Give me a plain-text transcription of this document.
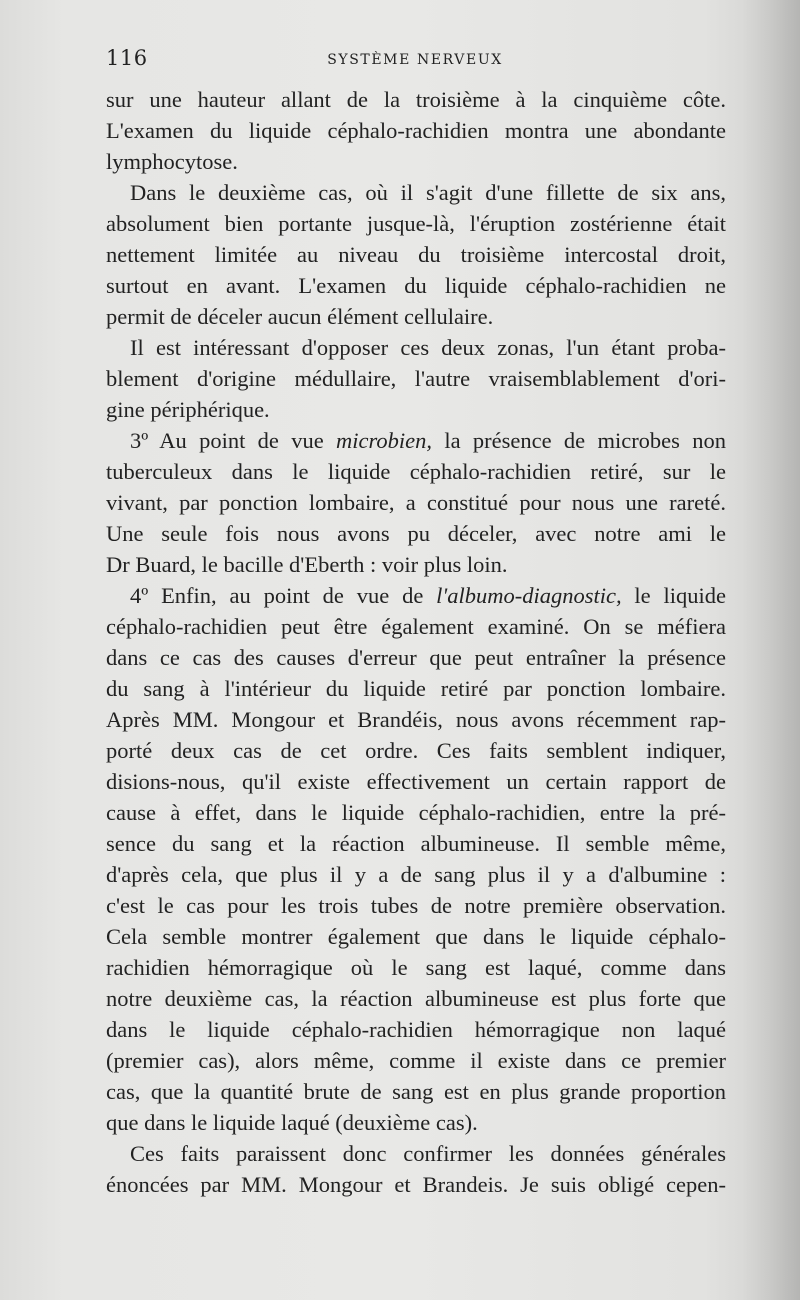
116	SYSTÈME NERVEUX
sur une hauteur allant de la troisième à la cinquième côte.
L'examen du liquide céphalo-rachidien montra une abondante
lymphocytose.
Dans le deuxième cas, où il s'agit d'une fillette de six ans,
absolument bien portante jusque-là, l'éruption zostérienne était
nettement limitée au niveau du troisième intercostal droit,
surtout en avant. L'examen du liquide céphalo-rachidien ne
permit de déceler aucun élément cellulaire.
Il est intéressant d'opposer ces deux zonas, l'un étant proba-
blement d'origine médullaire, l'autre vraisemblablement d'ori-
gine périphérique.
3º Au point de vue microbien, la présence de microbes non
tuberculeux dans le liquide céphalo-rachidien retiré, sur le
vivant, par ponction lombaire, a constitué pour nous une rareté.
Une seule fois nous avons pu déceler, avec notre ami le
Dr Buard, le bacille d'Eberth : voir plus loin.
4º Enfin, au point de vue de l'albumo-diagnostic, le liquide
céphalo-rachidien peut être également examiné. On se méfiera
dans ce cas des causes d'erreur que peut entraîner la présence
du sang à l'intérieur du liquide retiré par ponction lombaire.
Après MM. Mongour et Brandéis, nous avons récemment rap-
porté deux cas de cet ordre. Ces faits semblent indiquer,
disions-nous, qu'il existe effectivement un certain rapport de
cause à effet, dans le liquide céphalo-rachidien, entre la pré-
sence du sang et la réaction albumineuse. Il semble même,
d'après cela, que plus il y a de sang plus il y a d'albumine :
c'est le cas pour les trois tubes de notre première observation.
Cela semble montrer également que dans le liquide céphalo-
rachidien hémorragique où le sang est laqué, comme dans
notre deuxième cas, la réaction albumineuse est plus forte que
dans le liquide céphalo-rachidien hémorragique non laqué
(premier cas), alors même, comme il existe dans ce premier
cas, que la quantité brute de sang est en plus grande proportion
que dans le liquide laqué (deuxième cas).
Ces faits paraissent donc confirmer les données générales
énoncées par MM. Mongour et Brandeis. Je suis obligé cepen-
